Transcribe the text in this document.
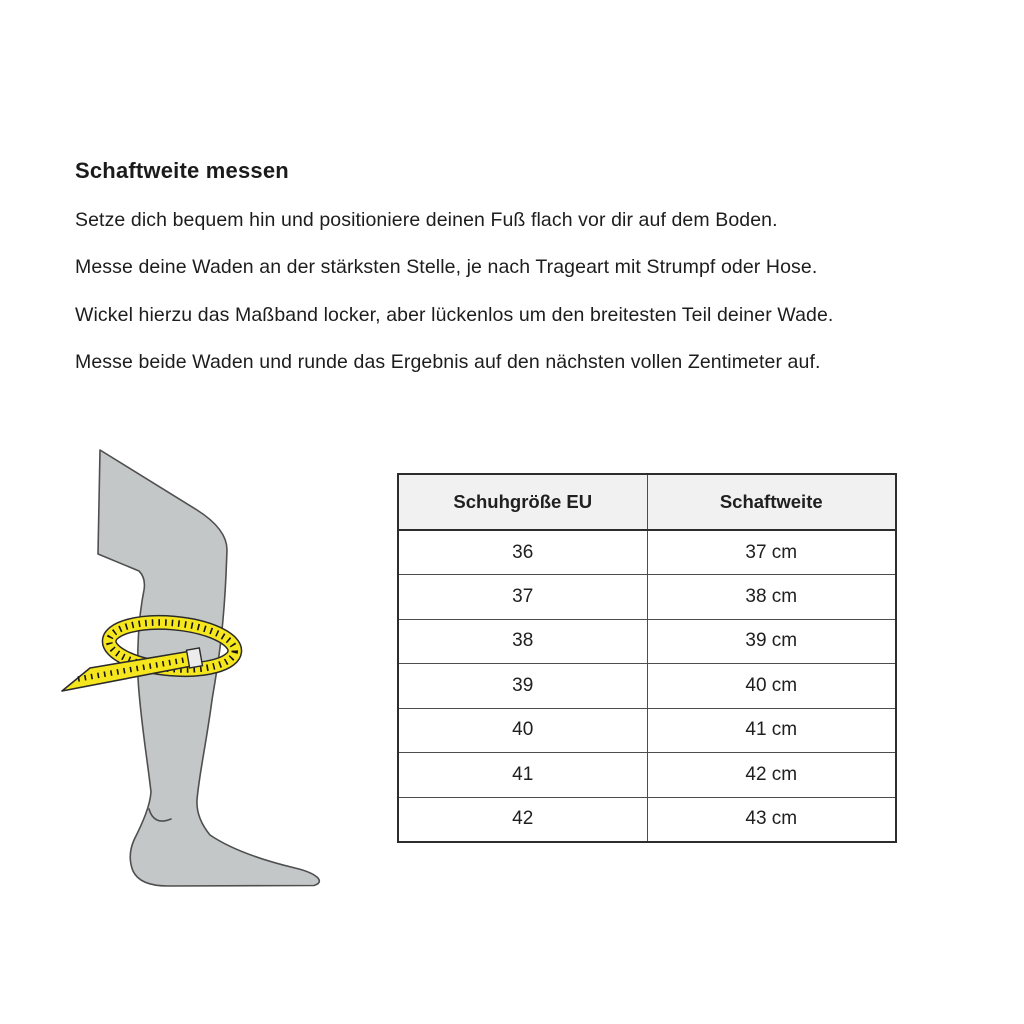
Schaftweite messen

Setze dich bequem hin und positioniere deinen Fuß flach vor dir auf dem Boden.

Messe deine Waden an der stärksten Stelle, je nach Trageart mit Strumpf oder Hose.

Wickel hierzu das Maßband locker, aber lückenlos um den breitesten Teil deiner Wade.

Messe beide Waden und runde das Ergebnis auf den nächsten vollen Zentimeter auf.

Schuhgröße EU	Schaftweite
36	37 cm
37	38 cm
38	39 cm
39	40 cm
40	41 cm
41	42 cm
42	43 cm
